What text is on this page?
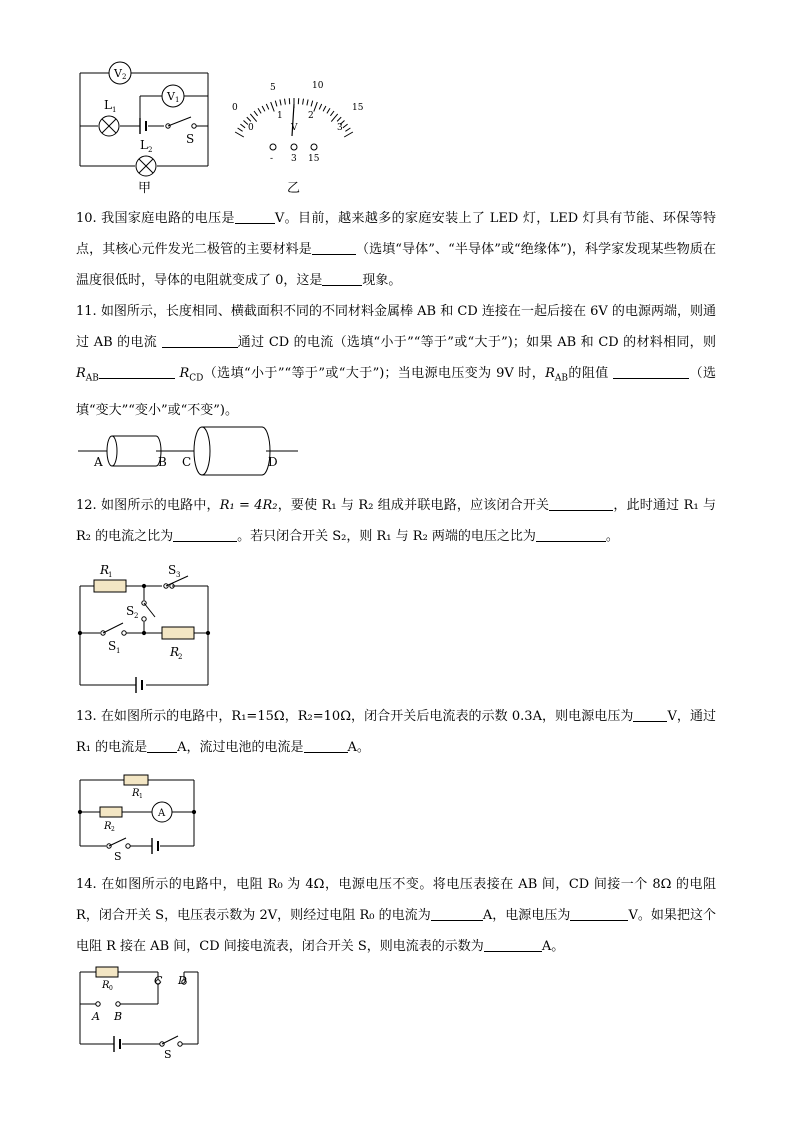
V 2
V 1
L 1
L 2
S
甲
0
5	10
15
0
1	2
3
V
- 3 15
乙
10. 我国家庭电路的电压是	V。目前，越来越多的家庭安装上了 LED 灯，LED 灯具有节能、环保等特点，其核心元件发光二极管的主要材料是	（选填“导体”、“半导体”或“绝缘体”)，科学家发现某些物质在温度很低时，导体的电阻就变成了 0，这是	现象。
11. 如图所示，长度相同、横截面积不同的不同材料金属棒 AB 和 CD 连接在一起后接在 6V 的电源两端，则通过 AB 的电流	通过 CD 的电流（选填“小于”“等于”或“大于”)；如果 AB 和 CD 的材料相同，则 $R_{AB}$	$R_{CD}$（选填“小于”“等于”或“大于”)；当电源电压变为 9V 时，$R_{AB}$的阻值	（选填“变大”“变小”或“不变”)。
A	B C	D
12. 如图所示的电路中，R₁ = 4R₂，要使 R₁ 与 R₂ 组成并联电路，应该闭合开关	，此时通过 R₁ 与 R₂ 的电流之比为	。若只闭合开关 S₂，则 R₁ 与 R₂ 两端的电压之比为	。
R
1	S 3
S 2
S 1	R
2
13. 在如图所示的电路中，R₁=15Ω，R₂=10Ω，闭合开关后电流表的示数 0.3A，则电源电压为	V，通过 R₁ 的电流是 A，流过电池的电流是	A。
R 1
R 2
A
S
14. 在如图所示的电路中，电阻 R₀ 为 4Ω，电源电压不变。将电压表接在 AB 间，CD 间接一个 8Ω 的电阻 R，闭合开关 S，电压表示数为 2V，则经过电阻 R₀ 的电流为	A，电源电压为	V。如果把这个电阻 R 接在 AB 间，CD 间接电流表，闭合开关 S，则电流表的示数为	A。
R 0
C D
A B
S
